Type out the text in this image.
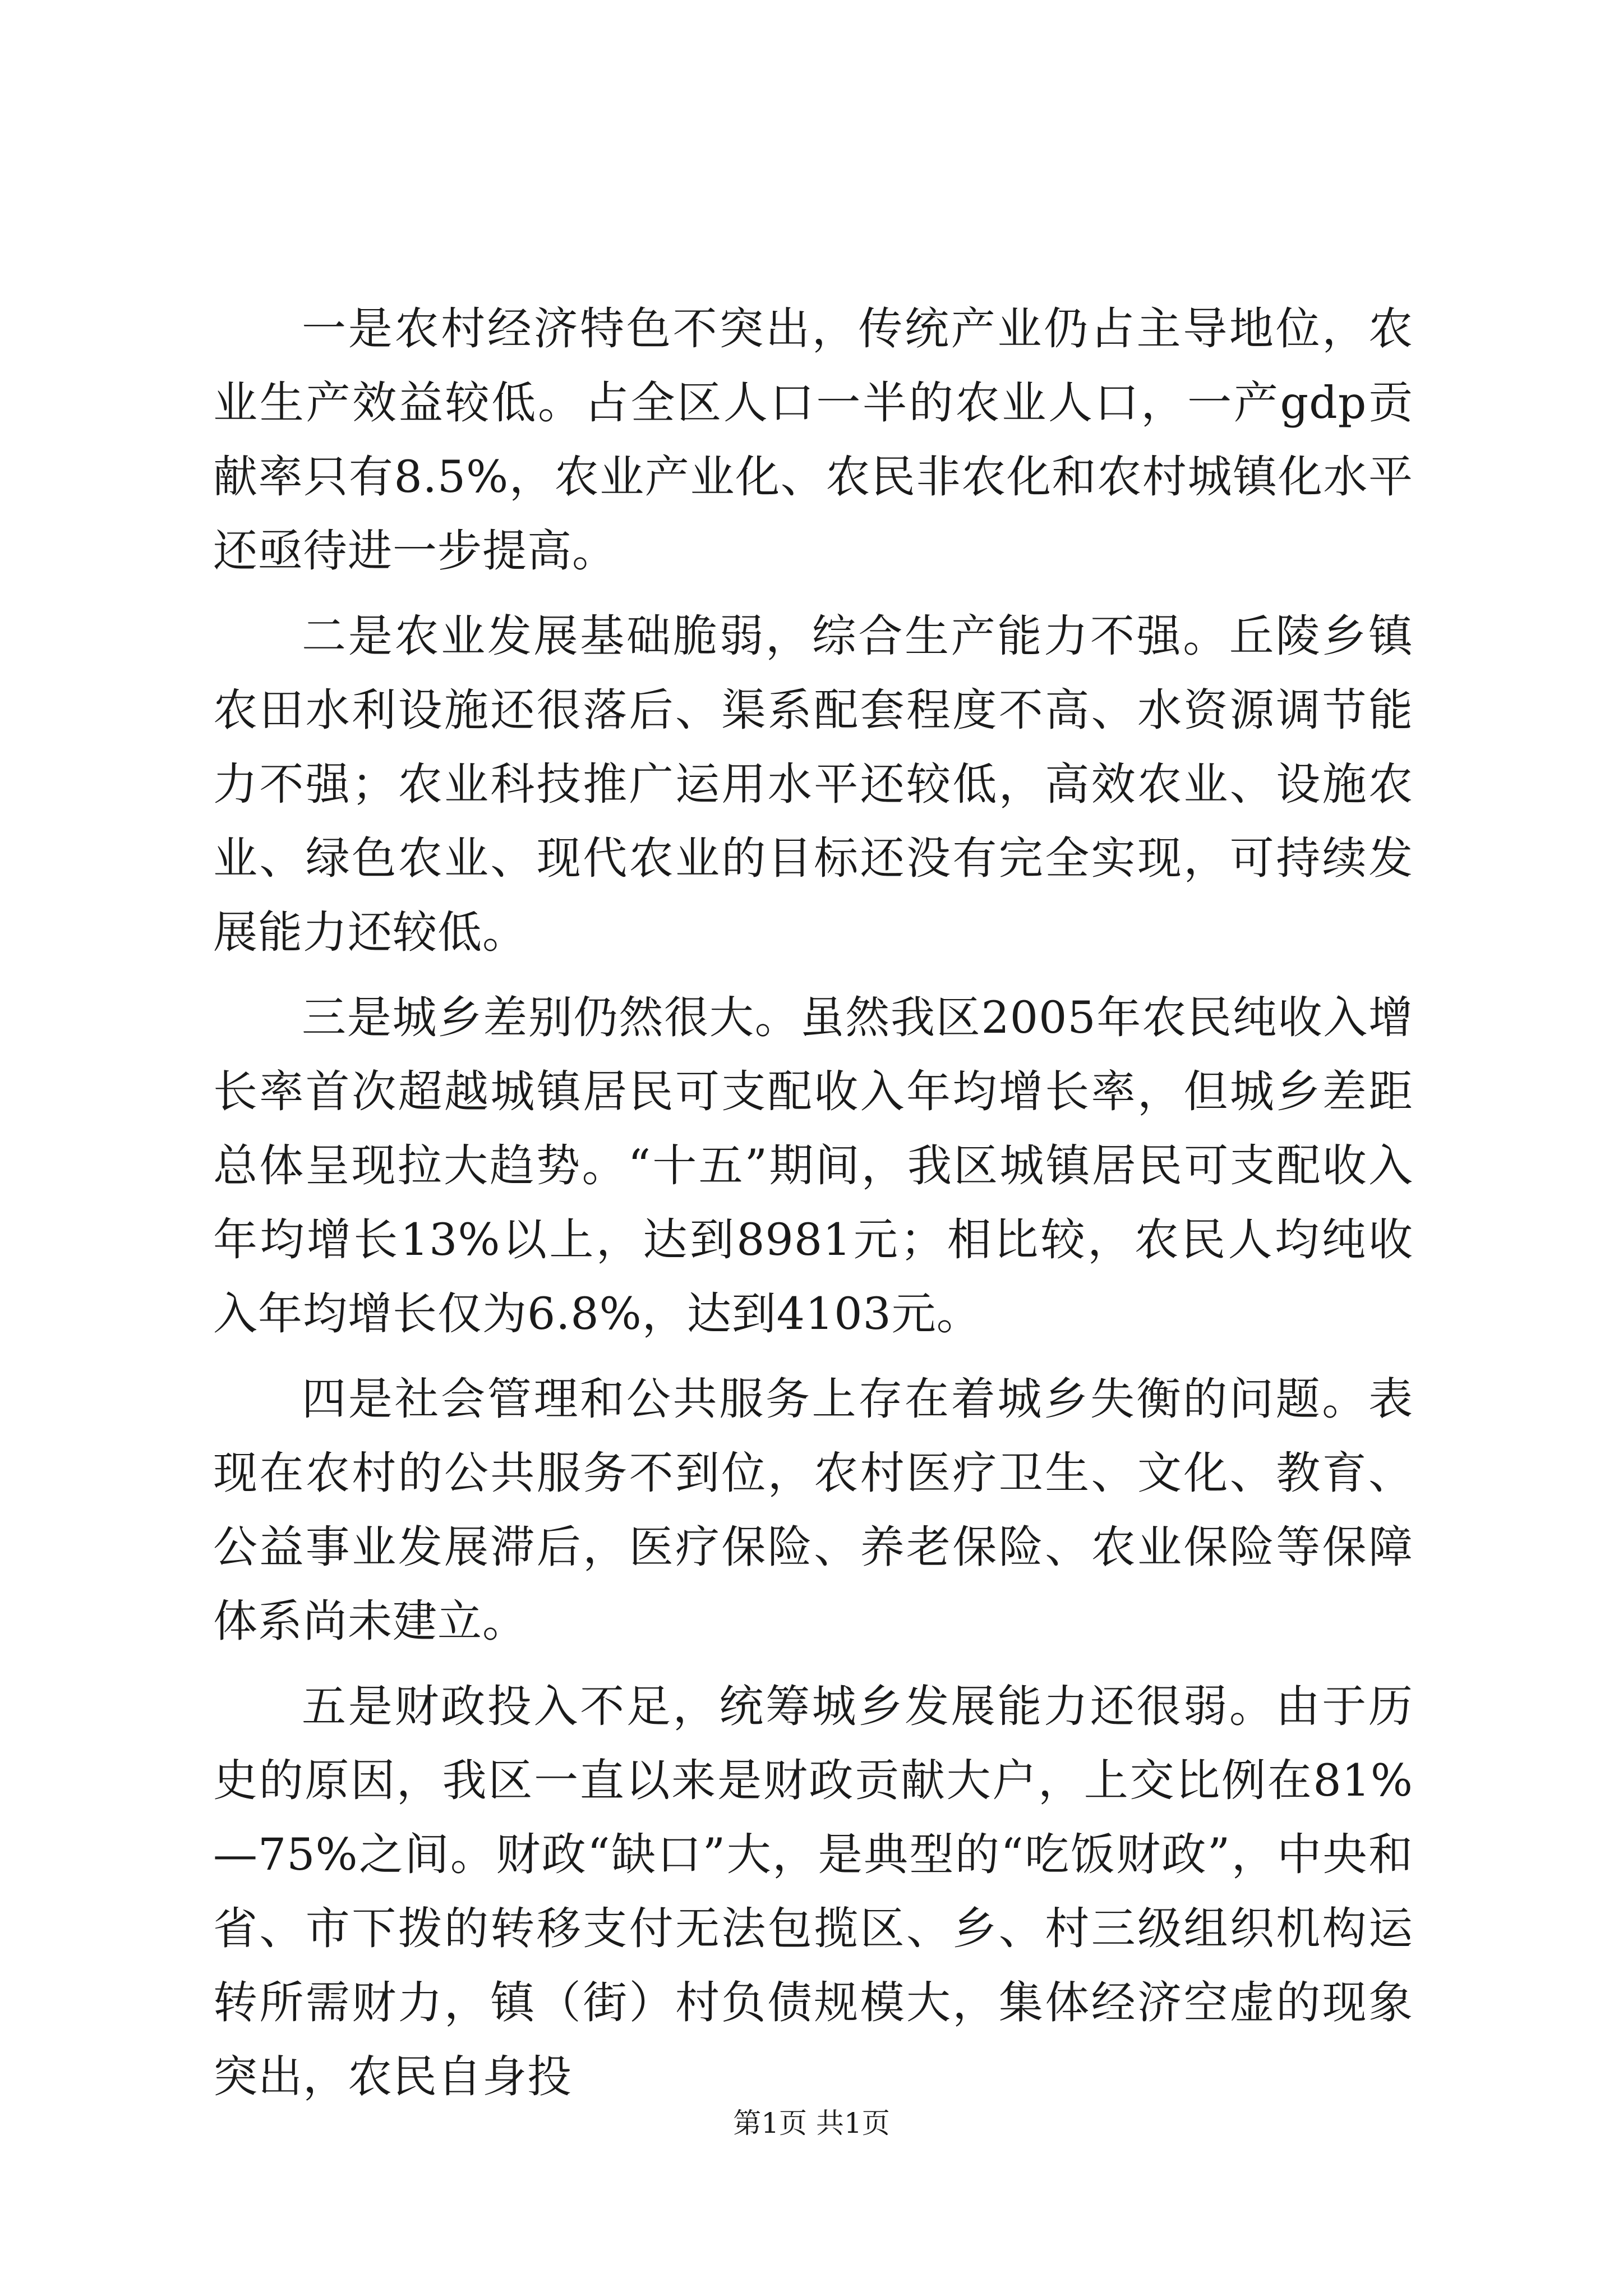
一是农村经济特色不突出，传统产业仍占主导地位，农业生产效益较低。占全区人口一半的农业人口，一产gdp贡献率只有8.5%，农业产业化、农民非农化和农村城镇化水平还亟待进一步提高。

二是农业发展基础脆弱，综合生产能力不强。丘陵乡镇农田水利设施还很落后、渠系配套程度不高、水资源调节能力不强；农业科技推广运用水平还较低，高效农业、设施农业、绿色农业、现代农业的目标还没有完全实现，可持续发展能力还较低。

三是城乡差别仍然很大。虽然我区2005年农民纯收入增长率首次超越城镇居民可支配收入年均增长率，但城乡差距总体呈现拉大趋势。“十五”期间，我区城镇居民可支配收入年均增长13%以上，达到8981元；相比较，农民人均纯收入年均增长仅为6.8%，达到4103元。

四是社会管理和公共服务上存在着城乡失衡的问题。表现在农村的公共服务不到位，农村医疗卫生、文化、教育、公益事业发展滞后，医疗保险、养老保险、农业保险等保障体系尚未建立。

五是财政投入不足，统筹城乡发展能力还很弱。由于历史的原因，我区一直以来是财政贡献大户，上交比例在81%—75%之间。财政“缺口”大，是典型的“吃饭财政”，中央和省、市下拨的转移支付无法包揽区、乡、村三级组织机构运转所需财力，镇（街）村负债规模大，集体经济空虚的现象突出，农民自身投

第1页 共1页
